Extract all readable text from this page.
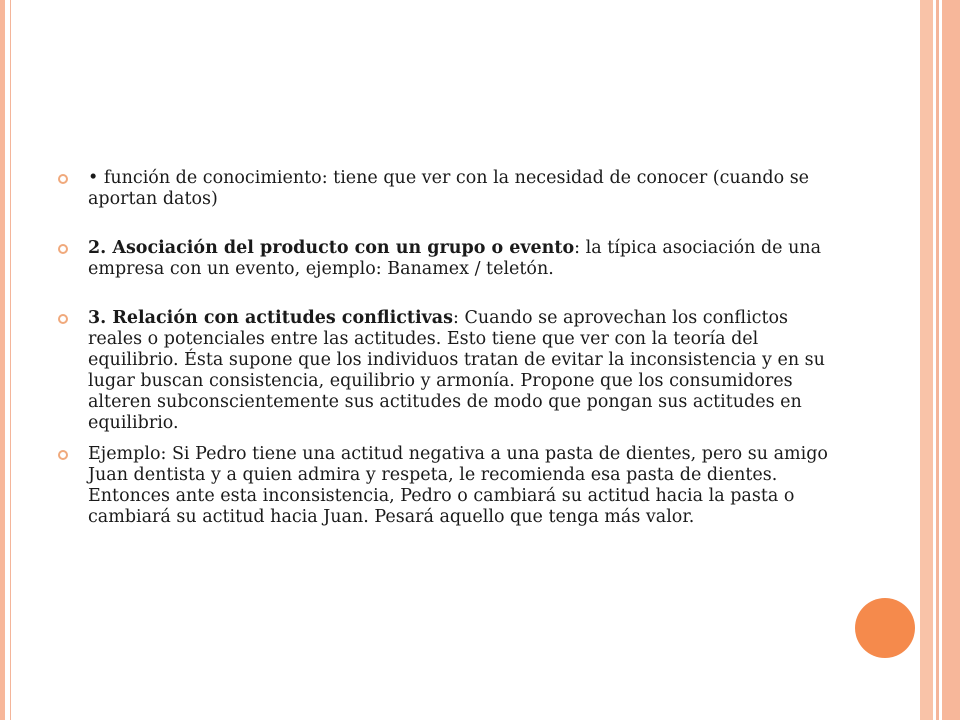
• función de conocimiento: tiene que ver con la necesidad de conocer (cuando se aportan datos)

2. Asociación del producto con un grupo o evento: la típica asociación de una empresa con un evento, ejemplo: Banamex / teletón.

3. Relación con actitudes conflictivas: Cuando se aprovechan los conflictos reales o potenciales entre las actitudes. Esto tiene que ver con la teoría del equilibrio. Ésta supone que los individuos tratan de evitar la inconsistencia y en su lugar buscan consistencia, equilibrio y armonía. Propone que los consumidores alteren subconscientemente sus actitudes de modo que pongan sus actitudes en equilibrio.

Ejemplo: Si Pedro tiene una actitud negativa a una pasta de dientes, pero su amigo Juan dentista y a quien admira y respeta, le recomienda esa pasta de dientes. Entonces ante esta inconsistencia, Pedro o cambiará su actitud hacia la pasta o cambiará su actitud hacia Juan. Pesará aquello que tenga más valor.
